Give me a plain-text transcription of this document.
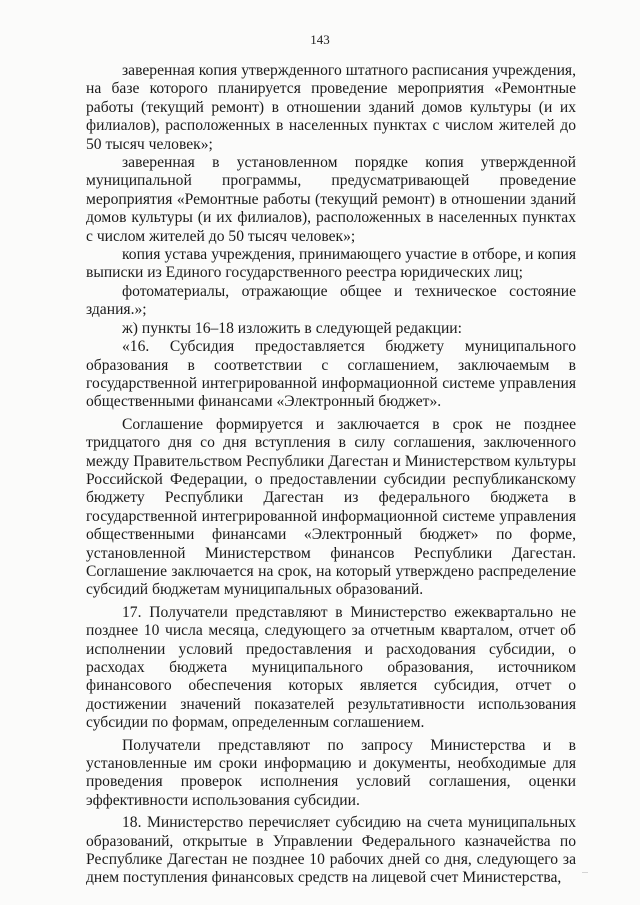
143

заверенная копия утвержденного штатного расписания учреждения, на базе которого планируется проведение мероприятия «Ремонтные работы (текущий ремонт) в отношении зданий домов культуры (и их филиалов), расположенных в населенных пунктах с числом жителей до 50 тысяч человек»;

заверенная в установленном порядке копия утвержденной муниципальной программы, предусматривающей проведение мероприятия «Ремонтные работы (текущий ремонт) в отношении зданий домов культуры (и их филиалов), расположенных в населенных пунктах с числом жителей до 50 тысяч человек»;

копия устава учреждения, принимающего участие в отборе, и копия выписки из Единого государственного реестра юридических лиц;

фотоматериалы, отражающие общее и техническое состояние здания.»;

ж) пункты 16–18 изложить в следующей редакции:

«16. Субсидия предоставляется бюджету муниципального образования в соответствии с соглашением, заключаемым в государственной интегрированной информационной системе управления общественными финансами «Электронный бюджет».

Соглашение формируется и заключается в срок не позднее тридцатого дня со дня вступления в силу соглашения, заключенного между Правительством Республики Дагестан и Министерством культуры Российской Федерации, о предоставлении субсидии республиканскому бюджету Республики Дагестан из федерального бюджета в государственной интегрированной информационной системе управления общественными финансами «Электронный бюджет» по форме, установленной Министерством финансов Республики Дагестан. Соглашение заключается на срок, на который утверждено распределение субсидий бюджетам муниципальных образований.

17. Получатели представляют в Министерство ежеквартально не позднее 10 числа месяца, следующего за отчетным кварталом, отчет об исполнении условий предоставления и расходования субсидии, о расходах бюджета муниципального образования, источником финансового обеспечения которых является субсидия, отчет о достижении значений показателей результативности использования субсидии по формам, определенным соглашением.

Получатели представляют по запросу Министерства и в установленные им сроки информацию и документы, необходимые для проведения проверок исполнения условий соглашения, оценки эффективности использования субсидии.

18. Министерство перечисляет субсидию на счета муниципальных образований, открытые в Управлении Федерального казначейства по Республике Дагестан не позднее 10 рабочих дней со дня, следующего за днем поступления финансовых средств на лицевой счет Министерства,
